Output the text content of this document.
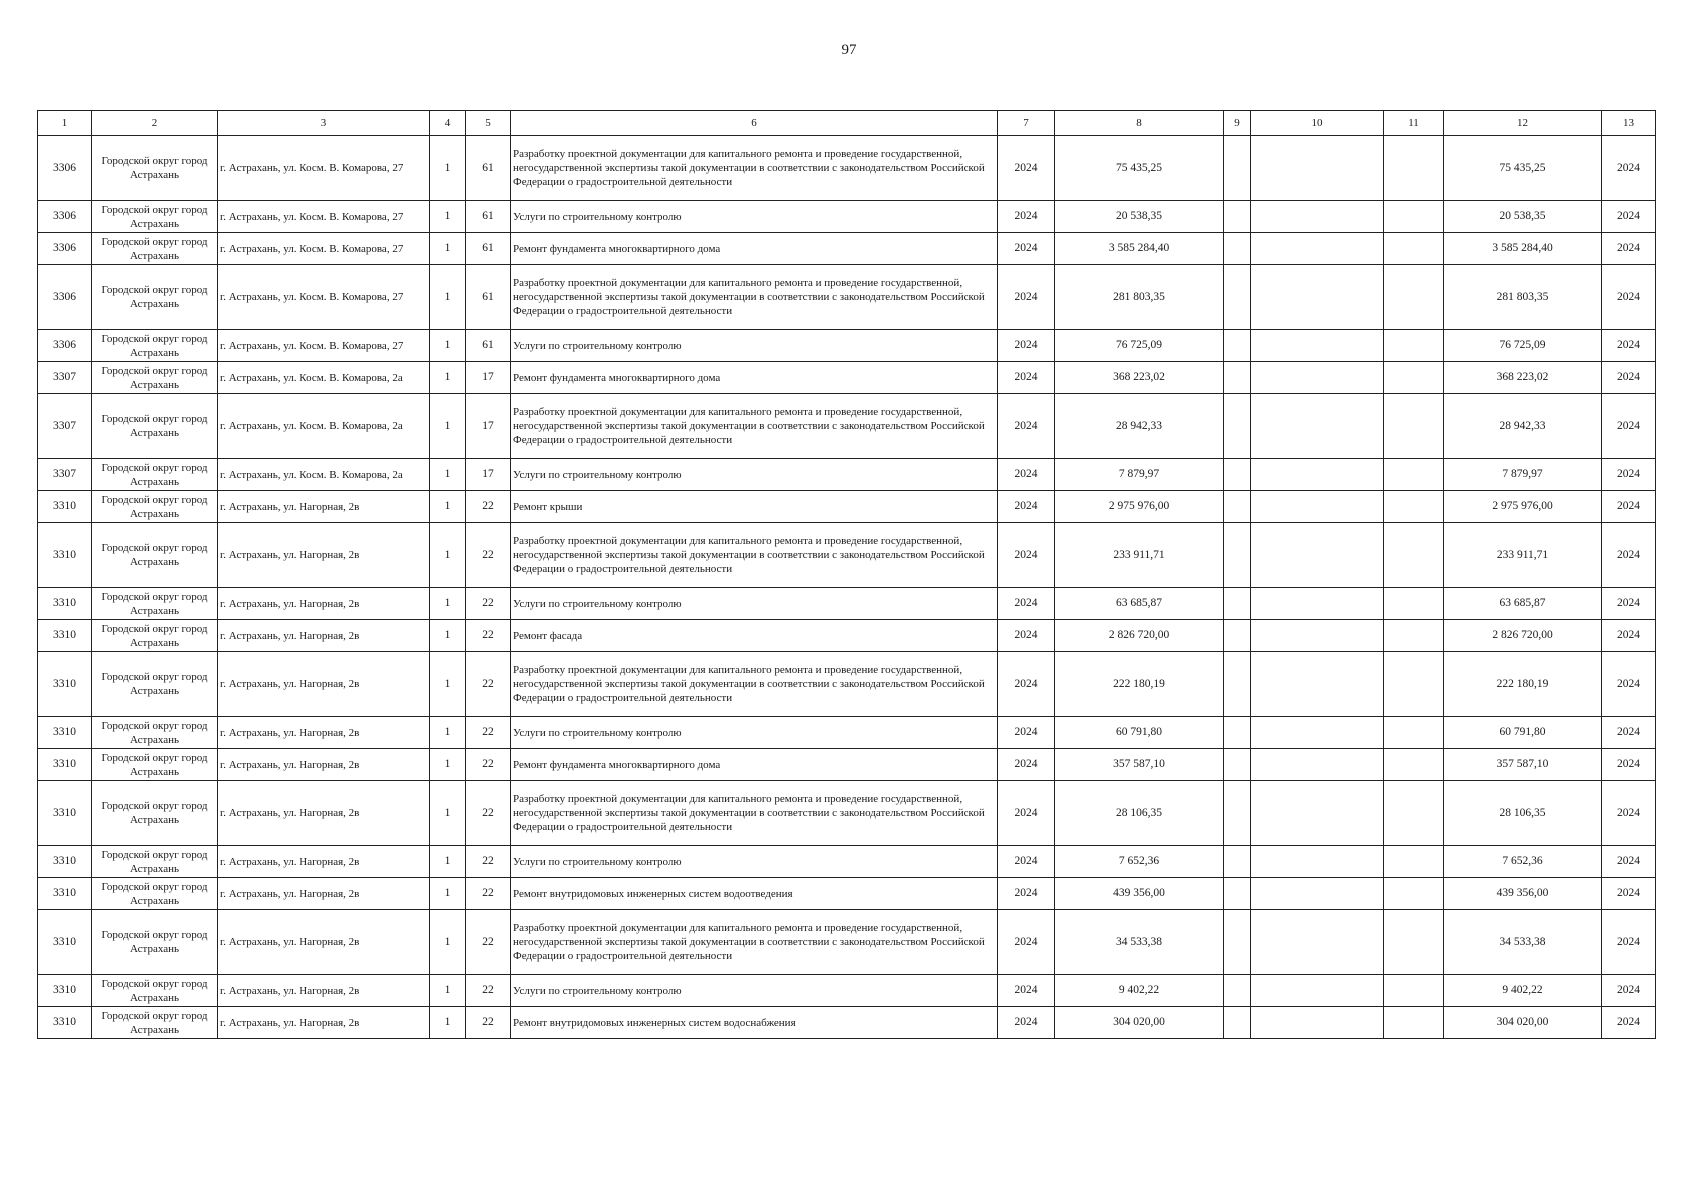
97
1	2	3	4	5	6	7	8	9	10	11	12	13
3306	Городской округ город Астрахань	г. Астрахань, ул. Косм. В. Комарова, 27	1	61	Разработку проектной документации для капитального ремонта и проведение государственной, негосударственной экспертизы такой документации в соответствии с законодательством Российской Федерации о градостроительной деятельности	2024	75 435,25				75 435,25	2024
3306	Городской округ город Астрахань	г. Астрахань, ул. Косм. В. Комарова, 27	1	61	Услуги по строительному контролю	2024	20 538,35				20 538,35	2024
3306	Городской округ город Астрахань	г. Астрахань, ул. Косм. В. Комарова, 27	1	61	Ремонт фундамента многоквартирного дома	2024	3 585 284,40				3 585 284,40	2024
3306	Городской округ город Астрахань	г. Астрахань, ул. Косм. В. Комарова, 27	1	61	Разработку проектной документации для капитального ремонта и проведение государственной, негосударственной экспертизы такой документации в соответствии с законодательством Российской Федерации о градостроительной деятельности	2024	281 803,35				281 803,35	2024
3306	Городской округ город Астрахань	г. Астрахань, ул. Косм. В. Комарова, 27	1	61	Услуги по строительному контролю	2024	76 725,09				76 725,09	2024
3307	Городской округ город Астрахань	г. Астрахань, ул. Косм. В. Комарова, 2а	1	17	Ремонт фундамента многоквартирного дома	2024	368 223,02				368 223,02	2024
3307	Городской округ город Астрахань	г. Астрахань, ул. Косм. В. Комарова, 2а	1	17	Разработку проектной документации для капитального ремонта и проведение государственной, негосударственной экспертизы такой документации в соответствии с законодательством Российской Федерации о градостроительной деятельности	2024	28 942,33				28 942,33	2024
3307	Городской округ город Астрахань	г. Астрахань, ул. Косм. В. Комарова, 2а	1	17	Услуги по строительному контролю	2024	7 879,97				7 879,97	2024
3310	Городской округ город Астрахань	г. Астрахань, ул. Нагорная, 2в	1	22	Ремонт крыши	2024	2 975 976,00				2 975 976,00	2024
3310	Городской округ город Астрахань	г. Астрахань, ул. Нагорная, 2в	1	22	Разработку проектной документации для капитального ремонта и проведение государственной, негосударственной экспертизы такой документации в соответствии с законодательством Российской Федерации о градостроительной деятельности	2024	233 911,71				233 911,71	2024
3310	Городской округ город Астрахань	г. Астрахань, ул. Нагорная, 2в	1	22	Услуги по строительному контролю	2024	63 685,87				63 685,87	2024
3310	Городской округ город Астрахань	г. Астрахань, ул. Нагорная, 2в	1	22	Ремонт фасада	2024	2 826 720,00				2 826 720,00	2024
3310	Городской округ город Астрахань	г. Астрахань, ул. Нагорная, 2в	1	22	Разработку проектной документации для капитального ремонта и проведение государственной, негосударственной экспертизы такой документации в соответствии с законодательством Российской Федерации о градостроительной деятельности	2024	222 180,19				222 180,19	2024
3310	Городской округ город Астрахань	г. Астрахань, ул. Нагорная, 2в	1	22	Услуги по строительному контролю	2024	60 791,80				60 791,80	2024
3310	Городской округ город Астрахань	г. Астрахань, ул. Нагорная, 2в	1	22	Ремонт фундамента многоквартирного дома	2024	357 587,10				357 587,10	2024
3310	Городской округ город Астрахань	г. Астрахань, ул. Нагорная, 2в	1	22	Разработку проектной документации для капитального ремонта и проведение государственной, негосударственной экспертизы такой документации в соответствии с законодательством Российской Федерации о градостроительной деятельности	2024	28 106,35				28 106,35	2024
3310	Городской округ город Астрахань	г. Астрахань, ул. Нагорная, 2в	1	22	Услуги по строительному контролю	2024	7 652,36				7 652,36	2024
3310	Городской округ город Астрахань	г. Астрахань, ул. Нагорная, 2в	1	22	Ремонт внутридомовых инженерных систем водоотведения	2024	439 356,00				439 356,00	2024
3310	Городской округ город Астрахань	г. Астрахань, ул. Нагорная, 2в	1	22	Разработку проектной документации для капитального ремонта и проведение государственной, негосударственной экспертизы такой документации в соответствии с законодательством Российской Федерации о градостроительной деятельности	2024	34 533,38				34 533,38	2024
3310	Городской округ город Астрахань	г. Астрахань, ул. Нагорная, 2в	1	22	Услуги по строительному контролю	2024	9 402,22				9 402,22	2024
3310	Городской округ город Астрахань	г. Астрахань, ул. Нагорная, 2в	1	22	Ремонт внутридомовых инженерных систем водоснабжения	2024	304 020,00				304 020,00	2024
